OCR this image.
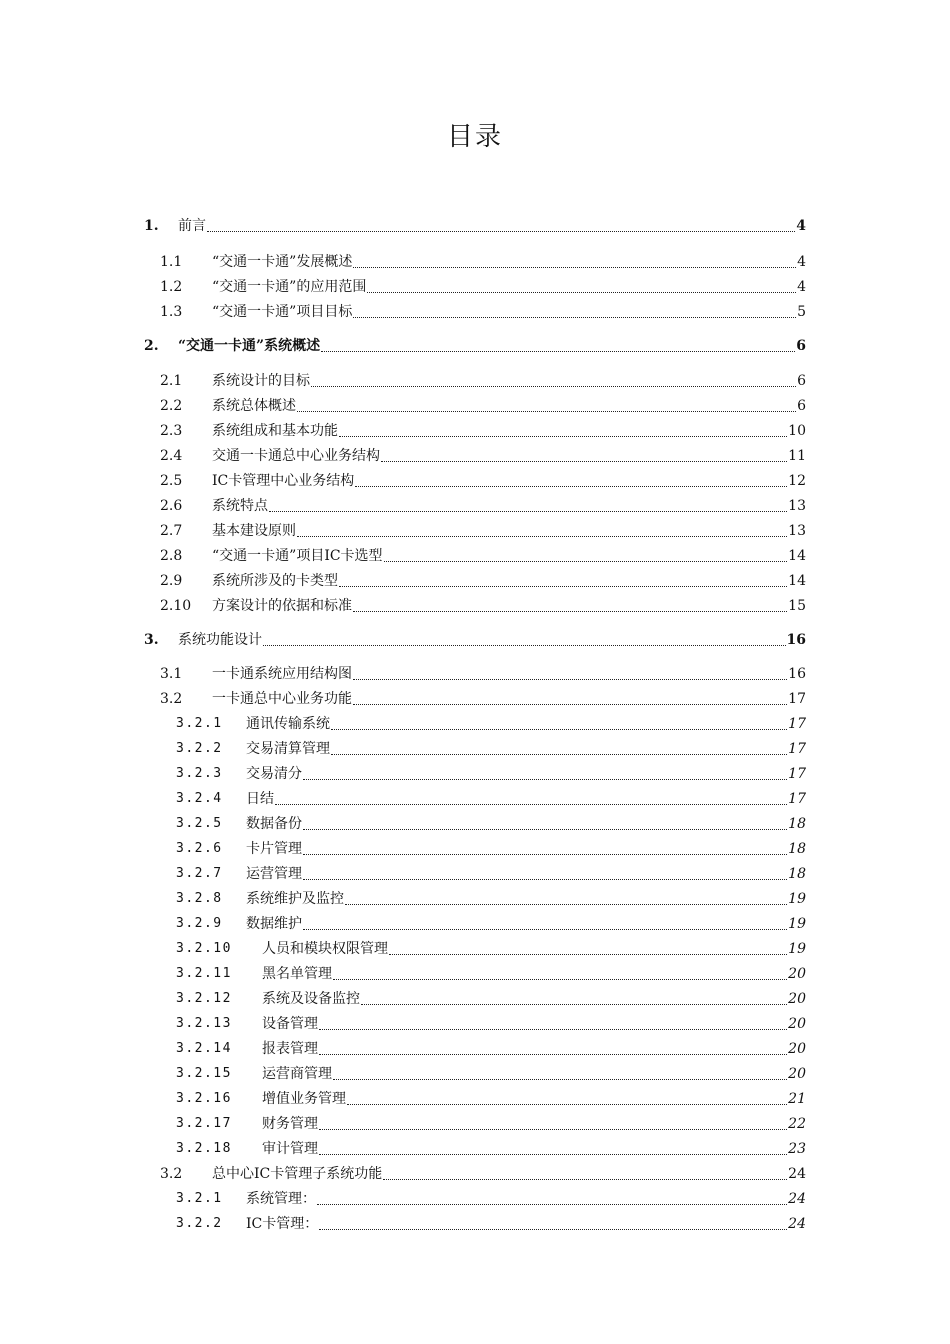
目录
1.	前言	4
1.1	“交通一卡通”发展概述	4
1.2	“交通一卡通”的应用范围	4
1.3	“交通一卡通”项目目标	5
2.	“交通一卡通”系统概述	6
2.1	系统设计的目标	6
2.2	系统总体概述	6
2.3	系统组成和基本功能	10
2.4	交通一卡通总中心业务结构	11
2.5	IC卡管理中心业务结构	12
2.6	系统特点	13
2.7	基本建设原则	13
2.8	“交通一卡通”项目IC卡选型	14
2.9	系统所涉及的卡类型	14
2.10	方案设计的依据和标准	15
3.	系统功能设计	16
3.1	一卡通系统应用结构图	16
3.2	一卡通总中心业务功能	17
3.2.1	通讯传输系统	17
3.2.2	交易清算管理	17
3.2.3	交易清分	17
3.2.4	日结	17
3.2.5	数据备份	18
3.2.6	卡片管理	18
3.2.7	运营管理	18
3.2.8	系统维护及监控	19
3.2.9	数据维护	19
3.2.10	人员和模块权限管理	19
3.2.11	黑名单管理	20
3.2.12	系统及设备监控	20
3.2.13	设备管理	20
3.2.14	报表管理	20
3.2.15	运营商管理	20
3.2.16	增值业务管理	21
3.2.17	财务管理	22
3.2.18	审计管理	23
3.2	总中心IC卡管理子系统功能	24
3.2.1	系统管理：	24
3.2.2	IC卡管理：	24
